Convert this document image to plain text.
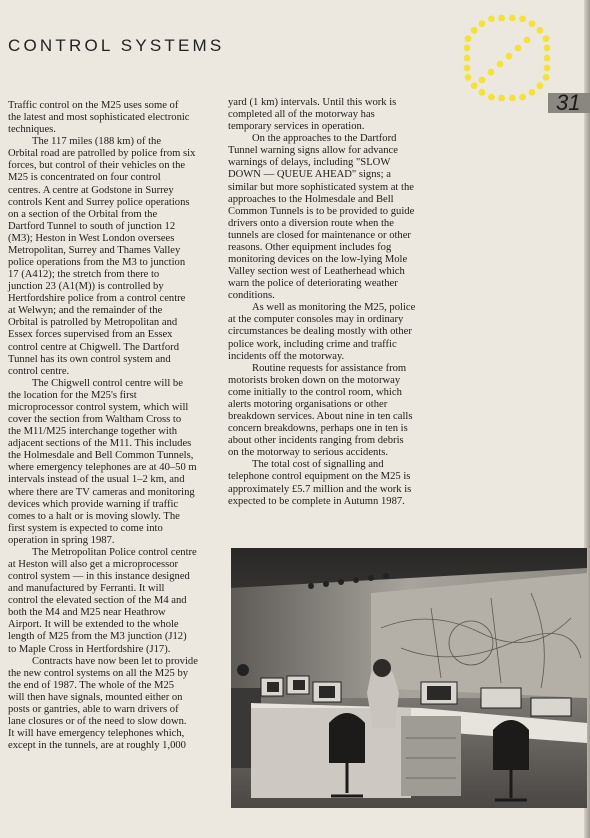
CONTROL SYSTEMS
31
Traffic control on the M25 uses some of
the latest and most sophisticated electronic
techniques.
The 117 miles (188 km) of the
Orbital road are patrolled by police from six
forces, but control of their vehicles on the
M25 is concentrated on four control
centres. A centre at Godstone in Surrey
controls Kent and Surrey police operations
on a section of the Orbital from the
Dartford Tunnel to south of junction 12
(M3); Heston in West London oversees
Metropolitan, Surrey and Thames Valley
police operations from the M3 to junction
17 (A412); the stretch from there to
junction 23 (A1(M)) is controlled by
Hertfordshire police from a control centre
at Welwyn; and the remainder of the
Orbital is patrolled by Metropolitan and
Essex forces supervised from an Essex
control centre at Chigwell. The Dartford
Tunnel has its own control system and
control centre.
The Chigwell control centre will be
the location for the M25's first
microprocessor control system, which will
cover the section from Waltham Cross to
the M11/M25 interchange together with
adjacent sections of the M11. This includes
the Holmesdale and Bell Common Tunnels,
where emergency telephones are at 40–50 m
intervals instead of the usual 1–2 km, and
where there are TV cameras and monitoring
devices which provide warning if traffic
comes to a halt or is moving slowly. The
first system is expected to come into
operation in spring 1987.
The Metropolitan Police control centre
at Heston will also get a microprocessor
control system — in this instance designed
and manufactured by Ferranti. It will
control the elevated section of the M4 and
both the M4 and M25 near Heathrow
Airport. It will be extended to the whole
length of M25 from the M3 junction (J12)
to Maple Cross in Hertfordshire (J17).
Contracts have now been let to provide
the new control systems on all the M25 by
the end of 1987. The whole of the M25
will then have signals, mounted either on
posts or gantries, able to warn drivers of
lane closures or of the need to slow down.
It will have emergency telephones which,
except in the tunnels, are at roughly 1,000
yard (1 km) intervals. Until this work is
completed all of the motorway has
temporary services in operation.
On the approaches to the Dartford
Tunnel warning signs allow for advance
warnings of delays, including "SLOW
DOWN — QUEUE AHEAD" signs; a
similar but more sophisticated system at the
approaches to the Holmesdale and Bell
Common Tunnels is to be provided to guide
drivers onto a diversion route when the
tunnels are closed for maintenance or other
reasons. Other equipment includes fog
monitoring devices on the low-lying Mole
Valley section west of Leatherhead which
warn the police of deteriorating weather
conditions.
As well as monitoring the M25, police
at the computer consoles may in ordinary
circumstances be dealing mostly with other
police work, including crime and traffic
incidents off the motorway.
Routine requests for assistance from
motorists broken down on the motorway
come initially to the control room, which
alerts motoring organisations or other
breakdown services. About nine in ten calls
concern breakdowns, perhaps one in ten is
about other incidents ranging from debris
on the motorway to serious accidents.
The total cost of signalling and
telephone control equipment on the M25 is
approximately £5.7 million and the work is
expected to be complete in Autumn 1987.
